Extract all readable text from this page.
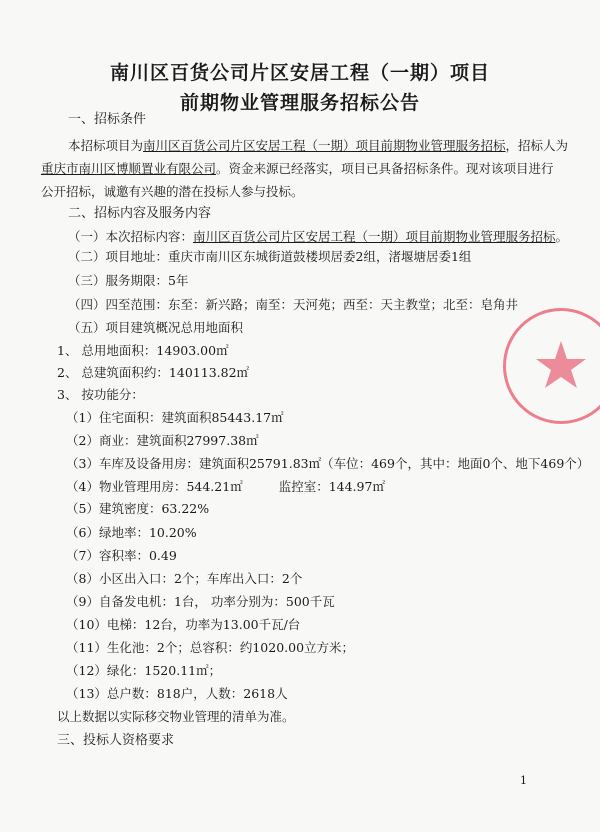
南川区百货公司片区安居工程（一期）项目
前期物业管理服务招标公告
一、招标条件
本招标项目为南川区百货公司片区安居工程（一期）项目前期物业管理服务招标，招标人为
重庆市南川区博顺置业有限公司。资金来源已经落实，项目已具备招标条件。现对该项目进行
公开招标，诚邀有兴趣的潜在投标人参与投标。
二、招标内容及服务内容
（一）本次招标内容：南川区百货公司片区安居工程（一期）项目前期物业管理服务招标。
（二）项目地址：重庆市南川区东城街道鼓楼坝居委2组，渚堰塘居委1组
（三）服务期限：5年
（四）四至范围：东至：新兴路；南至：天河苑；西至：天主教堂；北至：皂角井
（五）项目建筑概况总用地面积
1、 总用地面积：14903.00㎡
2、 总建筑面积约：140113.82㎡
3、 按功能分：
（1）住宅面积：建筑面积85443.17㎡
（2）商业：建筑面积27997.38㎡
（3）车库及设备用房：建筑面积25791.83㎡（车位：469个，其中：地面0个、地下469个）
（4）物业管理用房：544.21㎡	监控室：144.97㎡
（5）建筑密度：63.22%
（6）绿地率：10.20%
（7）容积率：0.49
（8）小区出入口：2个；车库出入口：2个
（9）自备发电机：1台， 功率分别为：500千瓦
（10）电梯：12台，功率为13.00千瓦/台
（11）生化池：2个；总容积：约1020.00立方米；
（12）绿化：1520.11㎡；
（13）总户数：818户，人数：2618人
以上数据以实际移交物业管理的清单为准。
三、投标人资格要求
1
